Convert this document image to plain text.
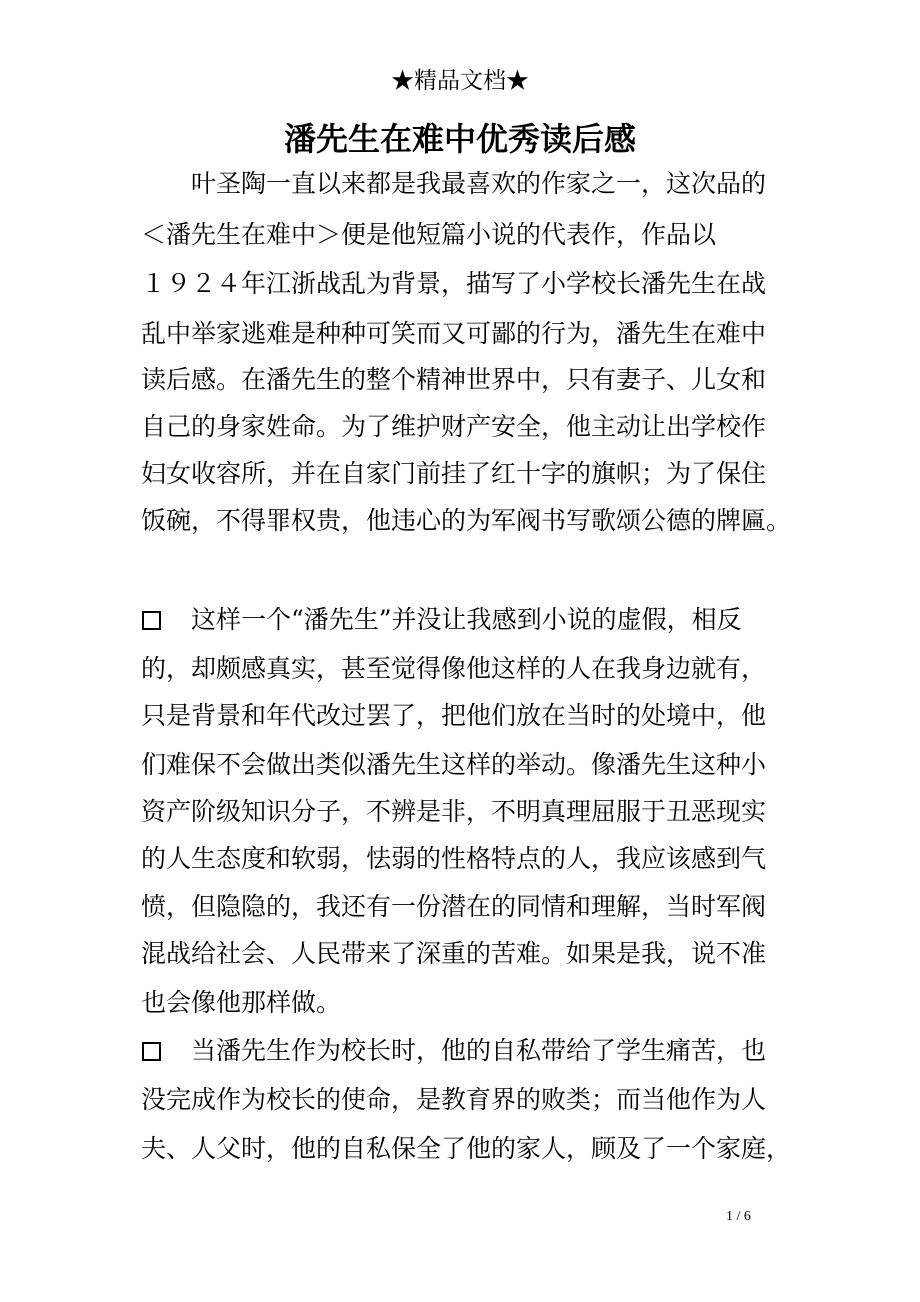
★精品文档★
潘先生在难中优秀读后感
叶圣陶一直以来都是我最喜欢的作家之一，这次品的
＜潘先生在难中＞便是他短篇小说的代表作，作品以
１９２４年江浙战乱为背景，描写了小学校长潘先生在战
乱中举家逃难是种种可笑而又可鄙的行为，潘先生在难中
读后感。在潘先生的整个精神世界中，只有妻子、儿女和
自己的身家姓命。为了维护财产安全，他主动让出学校作
妇女收容所，并在自家门前挂了红十字的旗帜；为了保住
饭碗，不得罪权贵，他违心的为军阀书写歌颂公德的牌匾。
这样一个“潘先生”并没让我感到小说的虚假，相反
的，却颇感真实，甚至觉得像他这样的人在我身边就有，
只是背景和年代改过罢了，把他们放在当时的处境中，他
们难保不会做出类似潘先生这样的举动。像潘先生这种小
资产阶级知识分子，不辨是非，不明真理屈服于丑恶现实
的人生态度和软弱，怯弱的性格特点的人，我应该感到气
愤，但隐隐的，我还有一份潜在的同情和理解，当时军阀
混战给社会、人民带来了深重的苦难。如果是我，说不准
也会像他那样做。
当潘先生作为校长时，他的自私带给了学生痛苦，也
没完成作为校长的使命，是教育界的败类；而当他作为人
夫、人父时，他的自私保全了他的家人，顾及了一个家庭，
1 / 6
